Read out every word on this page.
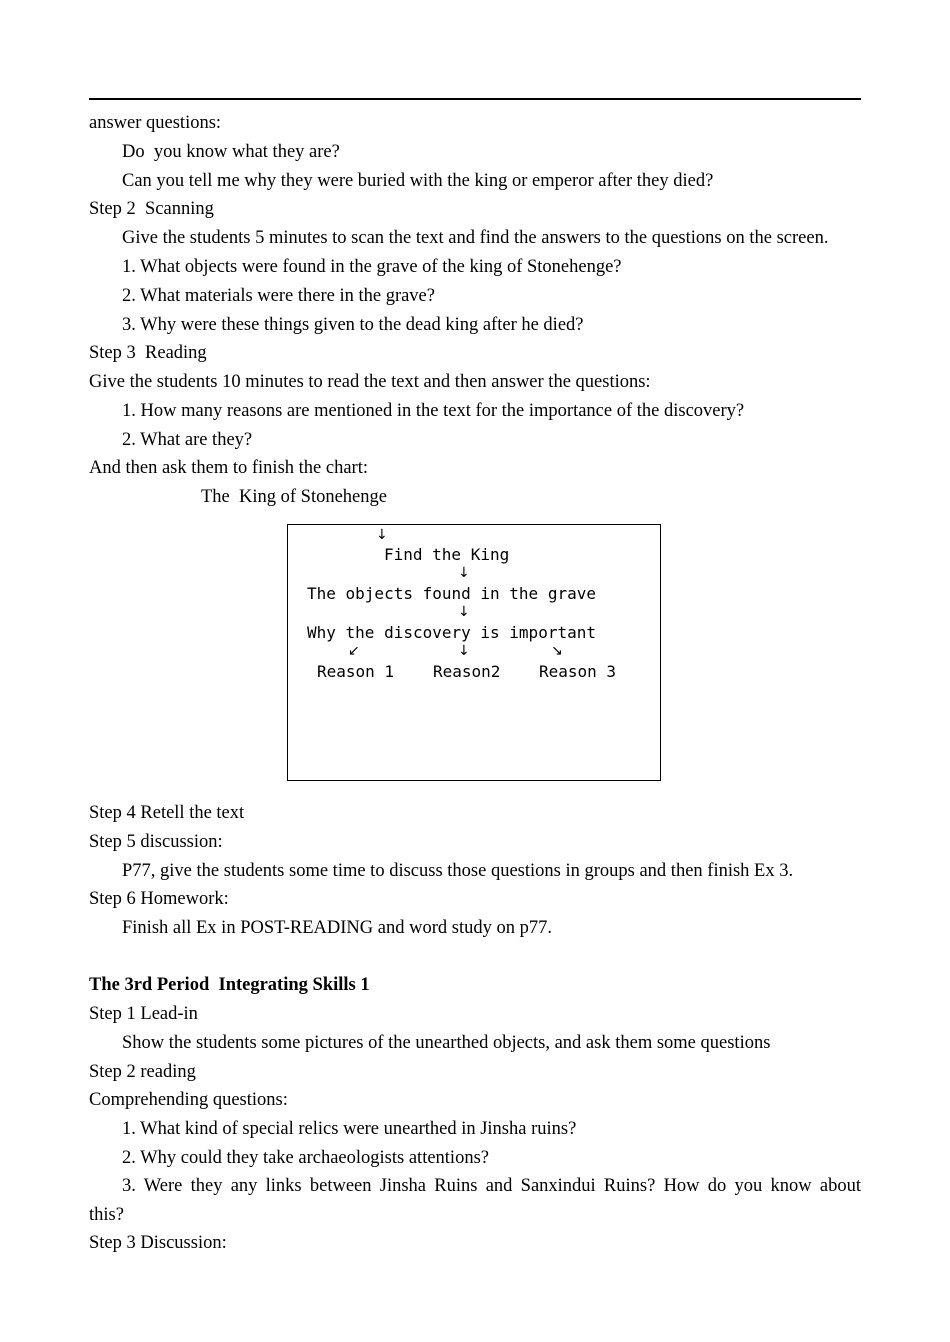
answer questions:
Do  you know what they are?
Can you tell me why they were buried with the king or emperor after they died?
Step 2  Scanning
Give the students 5 minutes to scan the text and find the answers to the questions on the screen.
1. What objects were found in the grave of the king of Stonehenge?
2. What materials were there in the grave?
3. Why were these things given to the dead king after he died?
Step 3  Reading
Give the students 10 minutes to read the text and then answer the questions:
1. How many reasons are mentioned in the text for the importance of the discovery?
2. What are they?
And then ask them to finish the chart:
The  King of Stonehenge
↓
Find the King
↓
The objects found in the grave
↓
Why the discovery is important
↙	↓	↘
Reason 1 Reason2 Reason 3
Step 4 Retell the text
Step 5 discussion:
P77, give the students some time to discuss those questions in groups and then finish Ex 3.
Step 6 Homework:
Finish all Ex in POST-READING and word study on p77.
The 3rd Period  Integrating Skills 1
Step 1 Lead-in
Show the students some pictures of the unearthed objects, and ask them some questions
Step 2 reading
Comprehending questions:
1. What kind of special relics were unearthed in Jinsha ruins?
2. Why could they take archaeologists attentions?
3. Were they any links between Jinsha Ruins and Sanxindui Ruins? How do you know about
this?
Step 3 Discussion:
